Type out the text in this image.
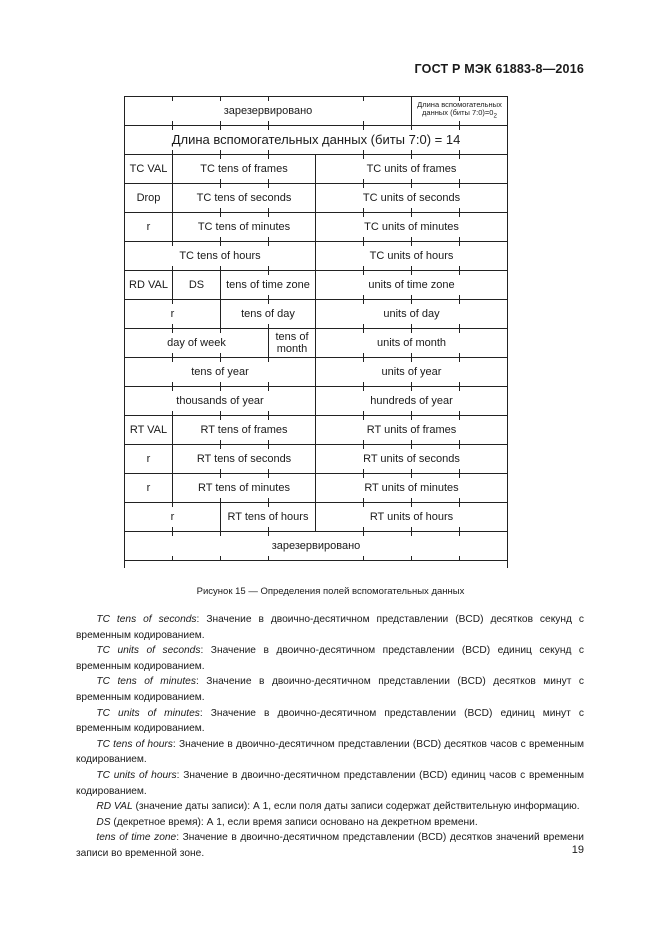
ГОСТ Р МЭК 61883-8—2016
зарезервировано
Длина вспомогательных данных (биты $7:0)=0_2$
Длина вспомогательных данных (биты 7:0) = 14
TC VAL	TC tens of frames	TC units of frames
Drop	TC tens of seconds	TC units of seconds
r	TC tens of minutes	TC units of minutes
TC tens of hours	TC units of hours
RD VAL	DS	tens of time zone	units of time zone
r	tens of day	units of day
day of week	tens of month	units of month
tens of year	units of year
thousands of year	hundreds of year
RT VAL	RT tens of frames	RT units of frames
r	RT tens of seconds	RT units of seconds
r	RT tens of minutes	RT units of minutes
r	RT tens of hours	RT units of hours
зарезервировано
Рисунок 15 — Определения полей вспомогательных данных

  TC tens of seconds: Значение в двоично-десятичном представлении (BCD) десятков секунд с временным кодированием.

  TC units of seconds: Значение в двоично-десятичном представлении (BCD) единиц секунд с временным кодированием.

  TC tens of minutes: Значение в двоично-десятичном представлении (BCD) десятков минут с временным кодированием.

  TC units of minutes: Значение в двоично-десятичном представлении (BCD) единиц минут с временным кодированием.

  TC tens of hours: Значение в двоично-десятичном представлении (BCD) десятков часов с временным кодированием.

  TC units of hours: Значение в двоично-десятичном представлении (BCD) единиц часов с временным кодированием.

  RD VAL (значение даты записи): А 1, если поля даты записи содержат действительную информацию.

  DS (декретное время): А 1, если время записи основано на декретном времени.

  tens of time zone: Значение в двоично-десятичном представлении (BCD) десятков значений времени записи во временной зоне.	19
